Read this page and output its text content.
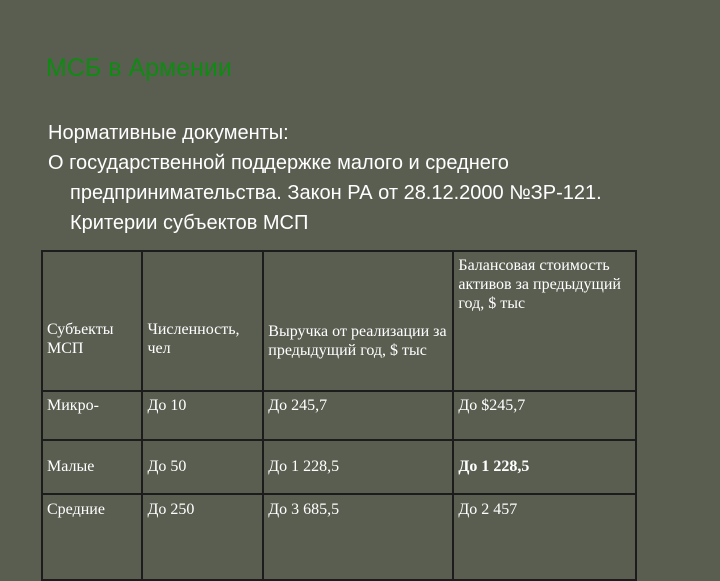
МСБ в Армении

Нормативные документы:

О государственной поддержке малого и среднего предпринимательства. Закон РА от 28.12.2000 №ЗР-121. Критерии субъектов МСП

Субъекты МСП	Численность, чел	Выручка от реализации за предыдущий год, $ тыс	Балансовая стоимость активов за предыдущий год, $ тыс
Микро-	До 10	До 245,7	До $245,7
Малые	До 50	До 1 228,5	До 1 228,5
Средние	До 250	До 3 685,5	До 2 457
